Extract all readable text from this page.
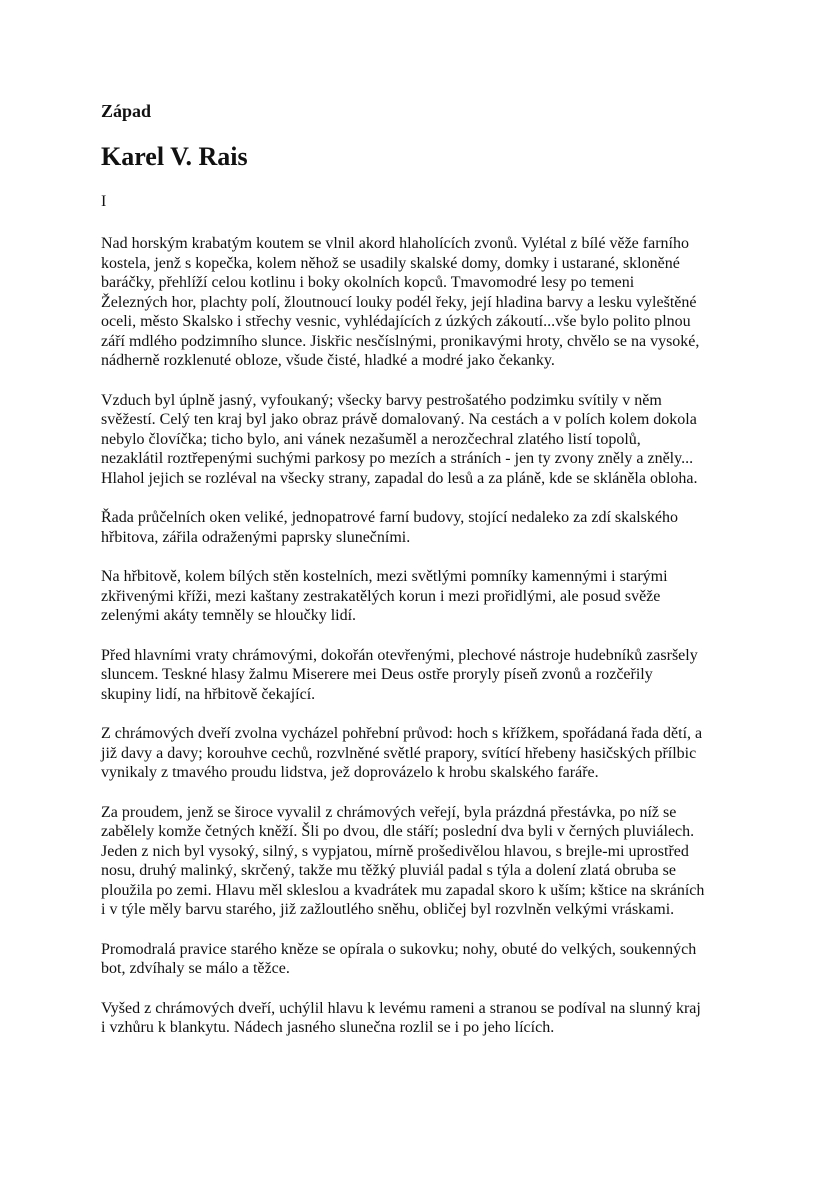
Západ
Karel V. Rais
I
Nad horským krabatým koutem se vlnil akord hlaholících zvonů. Vylétal z bílé věže farního
kostela, jenž s kopečka, kolem něhož se usadily skalské domy, domky i ustarané, skloněné
baráčky, přehlíží celou kotlinu i boky okolních kopců. Tmavomodré lesy po temeni
Železných hor, plachty polí, žloutnoucí louky podél řeky, její hladina barvy a lesku vyleštěné
oceli, město Skalsko i střechy vesnic, vyhlédajících z úzkých zákoutí...vše bylo polito plnou
září mdlého podzimního slunce. Jiskřic nesčíslnými, pronikavými hroty, chvělo se na vysoké,
nádherně rozklenuté obloze, všude čisté, hladké a modré jako čekanky.
Vzduch byl úplně jasný, vyfoukaný; všecky barvy pestrošatého podzimku svítily v něm
svěžestí. Celý ten kraj byl jako obraz právě domalovaný. Na cestách a v polích kolem dokola
nebylo človíčka; ticho bylo, ani vánek nezašuměl a nerozčechral zlatého listí topolů,
nezaklátil roztřepenými suchými parkosy po mezích a stráních - jen ty zvony zněly a zněly...
Hlahol jejich se rozléval na všecky strany, zapadal do lesů a za pláně, kde se skláněla obloha.
Řada průčelních oken veliké, jednopatrové farní budovy, stojící nedaleko za zdí skalského
hřbitova, zářila odraženými paprsky slunečními.
Na hřbitově, kolem bílých stěn kostelních, mezi světlými pomníky kamennými i starými
zkřivenými kříži, mezi kaštany zestrakatělých korun i mezi prořidlými, ale posud svěže
zelenými akáty temněly se hloučky lidí.
Před hlavními vraty chrámovými, dokořán otevřenými, plechové nástroje hudebníků zasršely
sluncem. Teskné hlasy žalmu Miserere mei Deus ostře proryly píseň zvonů a rozčeřily
skupiny lidí, na hřbitově čekající.
Z chrámových dveří zvolna vycházel pohřební průvod: hoch s křížkem, spořádaná řada dětí, a
již davy a davy; korouhve cechů, rozvlněné světlé prapory, svítící hřebeny hasičských přílbic
vynikaly z tmavého proudu lidstva, jež doprovázelo k hrobu skalského faráře.
Za proudem, jenž se široce vyvalil z chrámových veřejí, byla prázdná přestávka, po níž se
zabělely komže četných kněží. Šli po dvou, dle stáří; poslední dva byli v černých pluviálech.
Jeden z nich byl vysoký, silný, s vypjatou, mírně prošedivělou hlavou, s brejle-mi uprostřed
nosu, druhý malinký, skrčený, takže mu těžký pluviál padal s týla a dolení zlatá obruba se
ploužila po zemi. Hlavu měl skleslou a kvadrátek mu zapadal skoro k uším; kštice na skráních
i v týle měly barvu starého, již zažloutlého sněhu, obličej byl rozvlněn velkými vráskami.
Promodralá pravice starého kněze se opírala o sukovku; nohy, obuté do velkých, soukenných
bot, zdvíhaly se málo a těžce.
Vyšed z chrámových dveří, uchýlil hlavu k levému rameni a stranou se podíval na slunný kraj
i vzhůru k blankytu. Nádech jasného slunečna rozlil se i po jeho lících.
